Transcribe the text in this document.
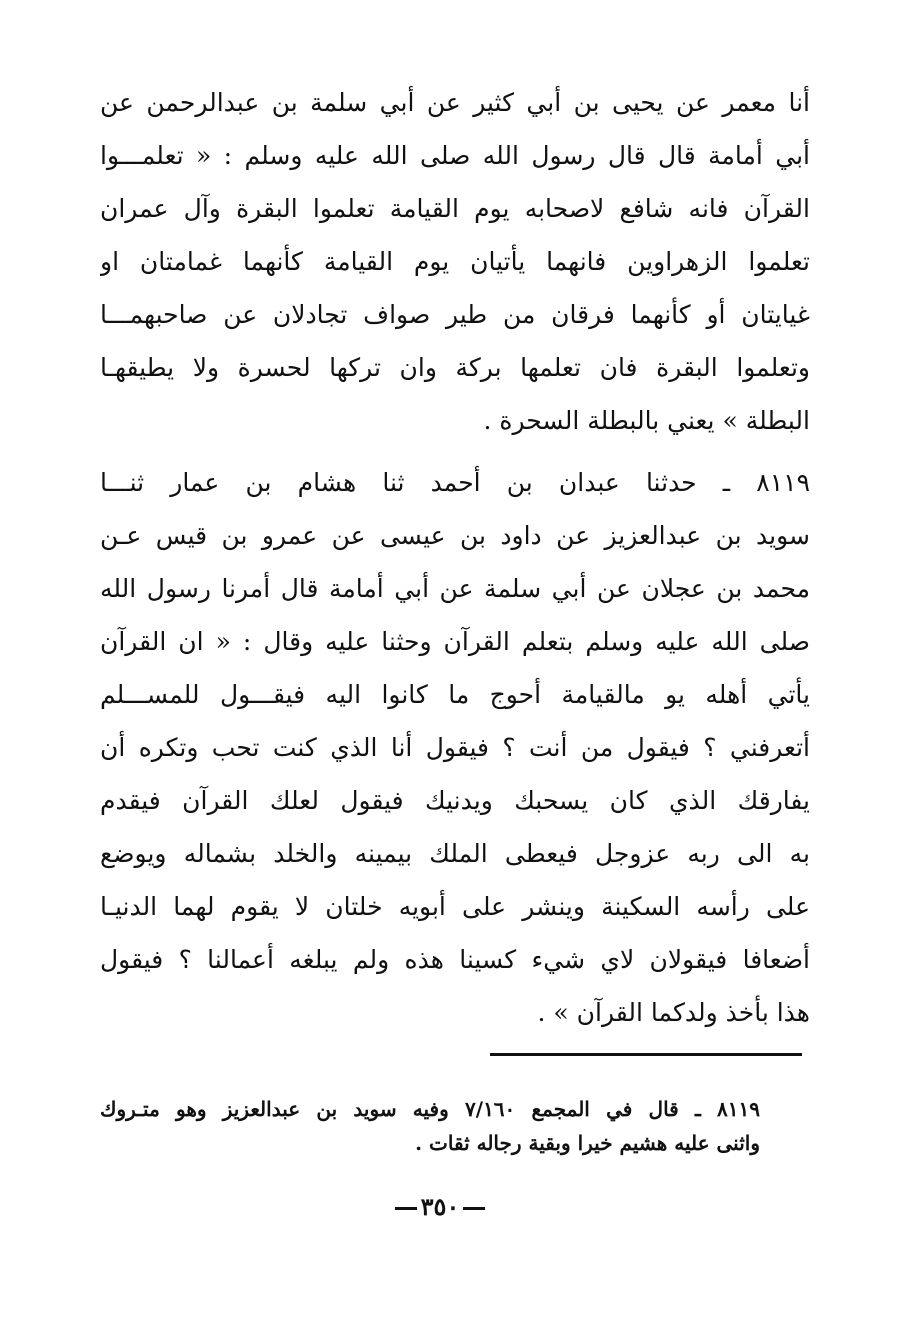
أنا معمر عن يحيى بن أبي كثير عن أبي سلمة بن عبدالرحمن عن
أبي أمامة قال قال رسول الله صلى الله عليه وسلم : « تعلمـــوا
القرآن فانه شافع لاصحابه يوم القيامة تعلموا البقرة وآل عمران
تعلموا الزهراوين فانهما يأتيان يوم القيامة كأنهما غمامتان او
غيايتان أو كأنهما فرقان من طير صواف تجادلان عن صاحبهمـــا
وتعلموا البقرة فان تعلمها بركة وان تركها لحسرة ولا يطيقهـا
البطلة » يعني بالبطلة السحرة .
٨١١٩ ـ حدثنا عبدان بن أحمد ثنا هشام بن عمار ثنـــا
سويد بن عبدالعزيز عن داود بن عيسى عن عمرو بن قيس عـن
محمد بن عجلان عن أبي سلمة عن أبي أمامة قال أمرنا رسول الله
صلى الله عليه وسلم بتعلم القرآن وحثنا عليه وقال : « ان القرآن
يأتي أهله يو مالقيامة أحوج ما كانوا اليه فيقـــول للمســـلم
أتعرفني ؟ فيقول من أنت ؟ فيقول أنا الذي كنت تحب وتكره أن
يفارقك الذي كان يسحبك ويدنيك فيقول لعلك القرآن فيقدم
به الى ربه عزوجل فيعطى الملك بيمينه والخلد بشماله ويوضع
على رأسه السكينة وينشر على أبويه خلتان لا يقوم لهما الدنيـا
أضعافا فيقولان لاي شيء كسينا هذه ولم يبلغه أعمالنا ؟ فيقول
هذا بأخذ ولدكما القرآن » .
٨١١٩ ـ قال في المجمع ٧/١٦٠ وفيه سويد بن عبدالعزيز وهو متـروك
واثنى عليه هشيم خيرا وبقية رجاله ثقات .
٣٥٠
